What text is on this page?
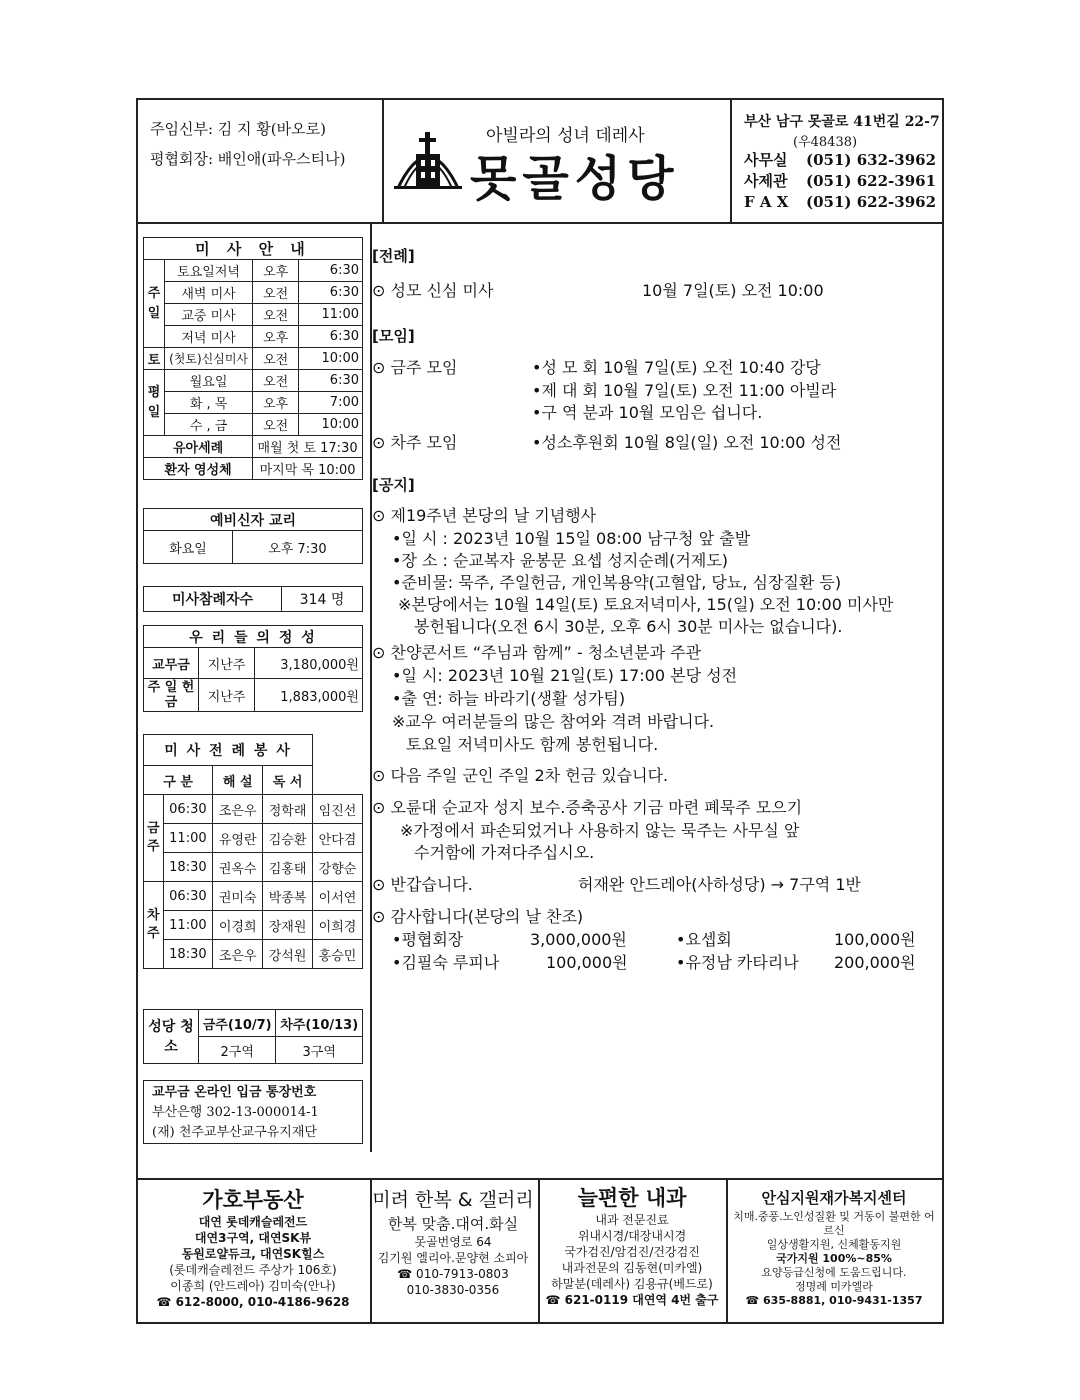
주임신부: 김 지 황(바오로)
평협회장: 배인애(파우스티나)
아빌라의 성녀 데레사
못골성당
부산 남구 못골로 41번길 22-7
(우48438)
사무실 (051) 632-3962
사제관 (051) 622-3961
F A X (051) 622-3962
미 사 안 내			
주일	토요일저녁	오후	6:30
	새벽 미사	오전	6:30
	교중 미사	오전	11:00
	저녁 미사	오후	6:30
토	(첫토)신심미사	오전	10:00
평일	월요일	오전	6:30
	화 , 목	오후	7:00
	수 , 금	오전	10:00
유아세례		매월 첫 토 17:30	
환자 영성체		마지막 목 10:00	
예비신자 교리
화요일	오후 7:30
미사참례자수	314 명
우 리 들 의 정 성		
교무금	지난주	3,180,000원
주 일 헌 금	지난주	1,883,000원
미 사 전 례 봉 사				
구 분		해 설	독 서	
금주	06:30	조은우	정학래	임진선
	11:00	유영란	김승환	안다겸
	18:30	권옥수	김홍태	강향순
차주	06:30	권미숙	박종복	이서연
	11:00	이경희	장재원	이희경
	18:30	조은우	강석원	홍승민
성당 청소	금주(10/7)	차주(10/13)
	2구역	3구역
교무금 온라인 입금 통장번호
부산은행 302-13-000014-1
(재) 천주교부산교구유지재단
[전례]
⊙ 성모 신심 미사	10월 7일(토) 오전 10:00
[모임]
⊙ 금주 모임	•성 모 회 10월 7일(토) 오전 10:40 강당
•제 대 회 10월 7일(토) 오전 11:00 아빌라
•구 역 분과 10월 모임은 쉽니다.
⊙ 차주 모임	•성소후원회 10월 8일(일) 오전 10:00 성전
[공지]
⊙ 제19주년 본당의 날 기념행사
•일 시 : 2023년 10월 15일 08:00 남구청 앞 출발
•장 소 : 순교복자 윤봉문 요셉 성지순례(거제도)
•준비물: 묵주, 주일헌금, 개인복용약(고혈압, 당뇨, 심장질환 등)
※본당에서는 10월 14일(토) 토요저녁미사, 15(일) 오전 10:00 미사만
봉헌됩니다(오전 6시 30분, 오후 6시 30분 미사는 없습니다).
⊙ 찬양콘서트 “주님과 함께” - 청소년분과 주관
•일 시: 2023년 10월 21일(토) 17:00 본당 성전
•출 연: 하늘 바라기(생활 성가팀)
※교우 여러분들의 많은 참여와 격려 바랍니다.
토요일 저녁미사도 함께 봉헌됩니다.
⊙ 다음 주일 군인 주일 2차 헌금 있습니다.
⊙ 오륜대 순교자 성지 보수.증축공사 기금 마련 폐묵주 모으기
※가정에서 파손되었거나 사용하지 않는 묵주는 사무실 앞
수거함에 가져다주십시오.
⊙ 반갑습니다.	허재완 안드레아(사하성당) → 7구역 1반
⊙ 감사합니다(본당의 날 찬조)
•평협회장	3,000,000원	•요셉회	100,000원
•김필숙 루피나	100,000원	•유정남 카타리나 200,000원
가호부동산
대연 롯데캐슬레전드
대연3구역, 대연SK뷰
동원로얄듀크, 대연SK힐스
(롯데캐슬레전드 주상가 106호)
이종희 (안드레아) 김미숙(안나)
☎ 612-8000, 010-4186-9628
미려 한복 & 갤러리
한복 맞춤.대여.화실
못골번영로 64
김기원 엘리아.문양현 소피아
☎ 010-7913-0803
010-3830-0356
늘편한 내과
내과 전문진료
위내시경/대장내시경
국가검진/암검진/건강검진
내과전문의 김동현(미카엘)
하말분(데레사) 김용규(베드로)
☎ 621-0119 대연역 4번 출구
안심지원재가복지센터
치매.중풍.노인성질환 및 거동이 불편한 어르신
일상생활지원, 신체활동지원
국가지원 100%~85%
요양등급신청에 도움드립니다.
정명례 미카엘라
☎ 635-8881, 010-9431-1357
